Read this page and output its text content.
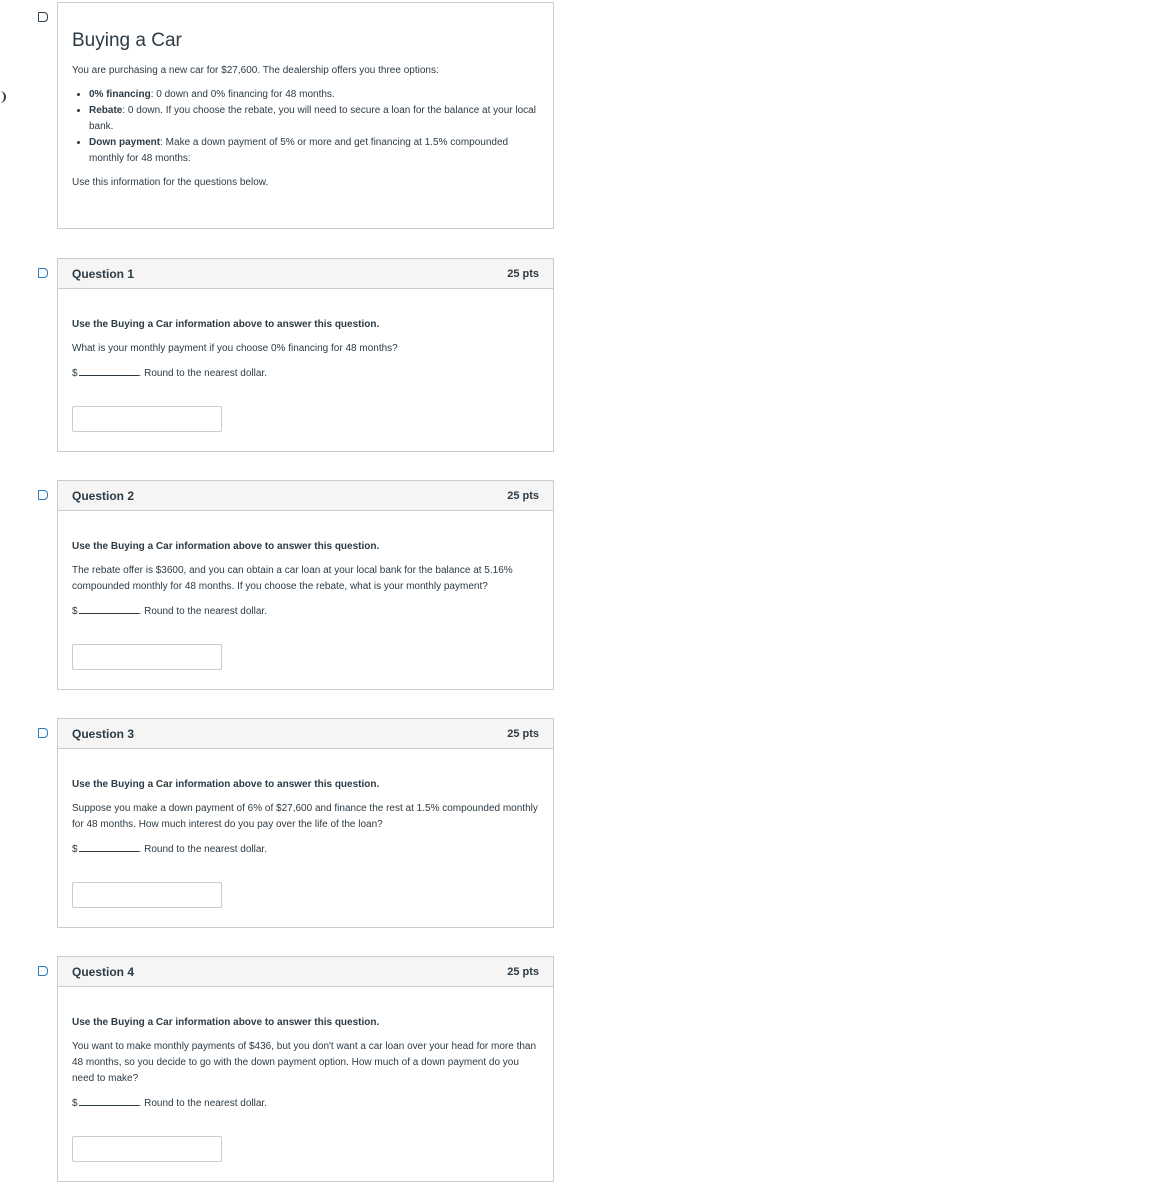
Buying a Car

You are purchasing a new car for $27,600. The dealership offers you three options:

• 0% financing: 0 down and 0% financing for 48 months.
• Rebate: 0 down. If you choose the rebate, you will need to secure a loan for the balance at your local bank.
• Down payment: Make a down payment of 5% or more and get financing at 1.5% compounded monthly for 48 months:

Use this information for the questions below.

Question 1	25 pts

Use the Buying a Car information above to answer this question.

What is your monthly payment if you choose 0% financing for 48 months?

$	. Round to the nearest dollar.

Question 2	25 pts

Use the Buying a Car information above to answer this question.

The rebate offer is $3600, and you can obtain a car loan at your local bank for the balance at 5.16% compounded monthly for 48 months. If you choose the rebate, what is your monthly payment?

$	. Round to the nearest dollar.

Question 3	25 pts

Use the Buying a Car information above to answer this question.

Suppose you make a down payment of 6% of $27,600 and finance the rest at 1.5% compounded monthly for 48 months. How much interest do you pay over the life of the loan?

$	. Round to the nearest dollar.

Question 4	25 pts

Use the Buying a Car information above to answer this question.

You want to make monthly payments of $436, but you don't want a car loan over your head for more than 48 months, so you decide to go with the down payment option. How much of a down payment do you need to make?

$	. Round to the nearest dollar.
